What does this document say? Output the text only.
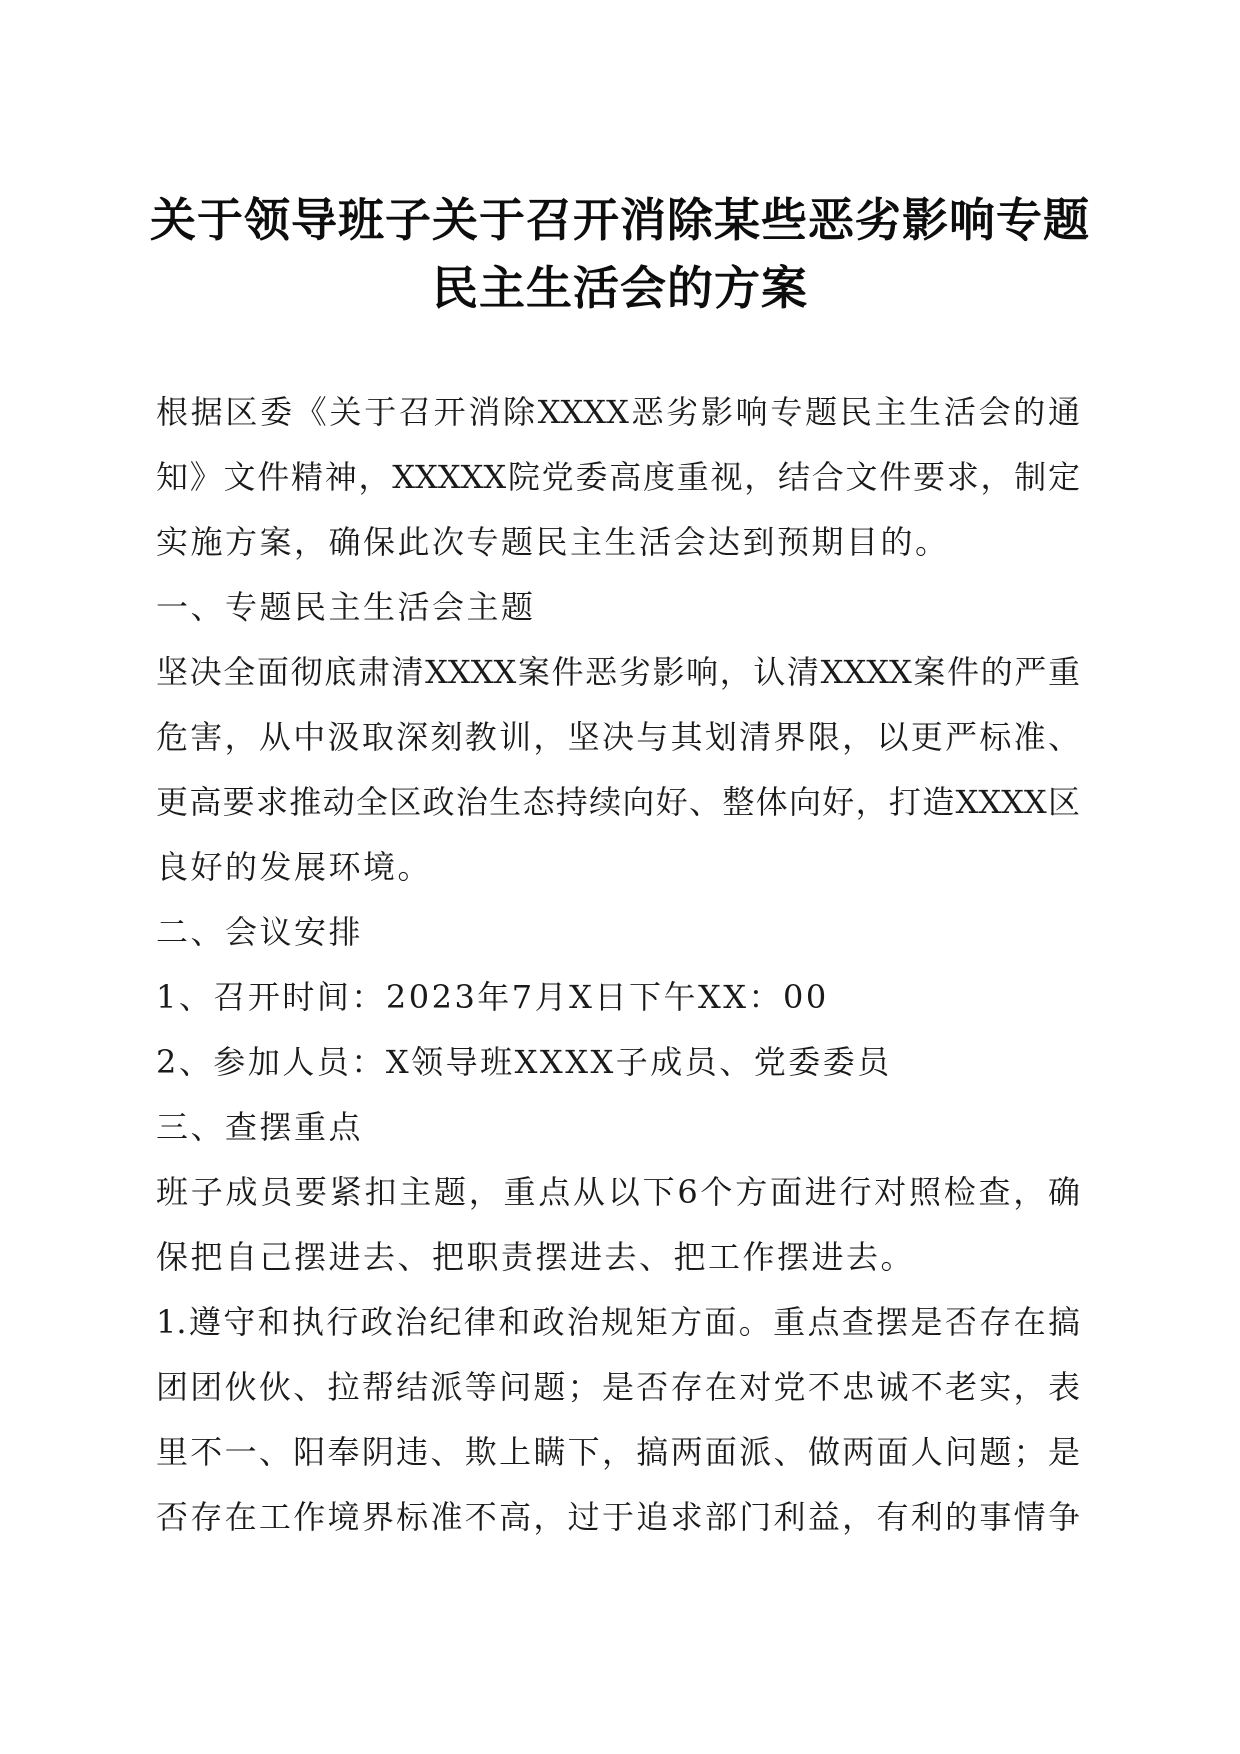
关于领导班子关于召开消除某些恶劣影响专题
民主生活会的方案
根据区委《关于召开消除XXXX恶劣影响专题民主生活会的通
知》文件精神，XXXXX院党委高度重视，结合文件要求，制定
实施方案，确保此次专题民主生活会达到预期目的。
一、专题民主生活会主题
坚决全面彻底肃清XXXX案件恶劣影响，认清XXXX案件的严重
危害，从中汲取深刻教训，坚决与其划清界限，以更严标准、
更高要求推动全区政治生态持续向好、整体向好，打造XXXX区
良好的发展环境。
二、会议安排
1、召开时间：2023年7月X日下午XX：00
2、参加人员：X领导班XXXX子成员、党委委员
三、查摆重点
班子成员要紧扣主题，重点从以下6个方面进行对照检查，确
保把自己摆进去、把职责摆进去、把工作摆进去。
1.遵守和执行政治纪律和政治规矩方面。重点查摆是否存在搞
团团伙伙、拉帮结派等问题；是否存在对党不忠诚不老实，表
里不一、阳奉阴违、欺上瞒下，搞两面派、做两面人问题；是
否存在工作境界标准不高，过于追求部门利益，有利的事情争
